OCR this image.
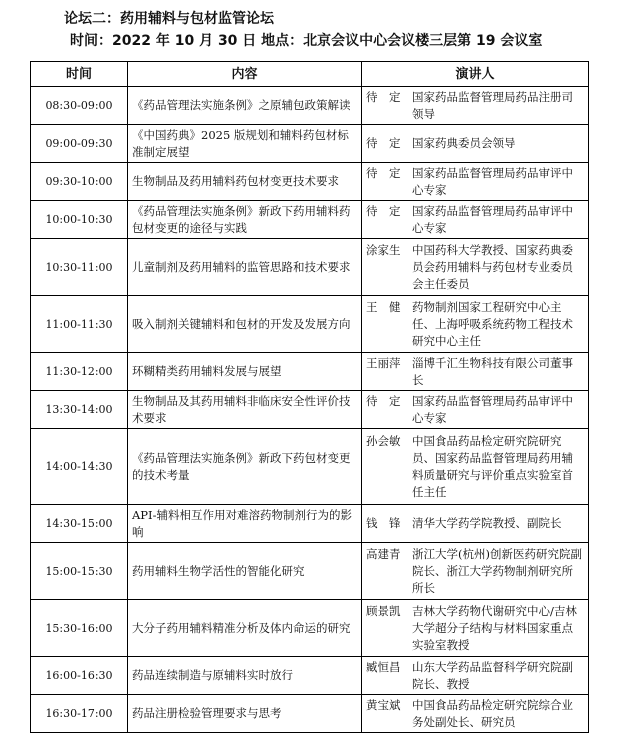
论坛二：药用辅料与包材监管论坛
时间：2022 年 10 月 30 日 地点：北京会议中心会议楼三层第 19 会议室
时间	内容	演讲人
08:30-09:00	《药品管理法实施条例》之原辅包政策解读	待　定 国家药品监督管理局药品注册司领导

09:00-09:30	《中国药典》2025 版规划和辅料药包材标准制定展望	待　定 国家药典委员会领导

09:30-10:00	生物制品及药用辅料药包材变更技术要求	待　定 国家药品监督管理局药品审评中心专家

10:00-10:30	《药品管理法实施条例》新政下药用辅料药包材变更的途径与实践	待　定 国家药品监督管理局药品审评中心专家

10:30-11:00	儿童制剂及药用辅料的监管思路和技术要求	涂家生 中国药科大学教授、国家药典委员会药用辅料与药包材专业委员会主任委员

11:00-11:30	吸入制剂关键辅料和包材的开发及发展方向	王　健 药物制剂国家工程研究中心主任、上海呼吸系统药物工程技术研究中心主任

11:30-12:00	环糊精类药用辅料发展与展望	王丽萍 淄博千汇生物科技有限公司董事长

13:30-14:00	生物制品及其药用辅料非临床安全性评价技术要求	待　定 国家药品监督管理局药品审评中心专家

14:00-14:30	《药品管理法实施条例》新政下药包材变更的技术考量	孙会敏 中国食品药品检定研究院研究员、国家药品监督管理局药用辅料质量研究与评价重点实验室首任主任

14:30-15:00	API-辅料相互作用对难溶药物制剂行为的影响	钱　锋 清华大学药学院教授、副院长

15:00-15:30	药用辅料生物学活性的智能化研究	高建青 浙江大学(杭州)创新医药研究院副院长、浙江大学药物制剂研究所所长

15:30-16:00	大分子药用辅料精准分析及体内命运的研究	顾景凯 吉林大学药物代谢研究中心/吉林大学超分子结构与材料国家重点实验室教授

16:00-16:30	药品连续制造与原辅料实时放行	臧恒昌 山东大学药品监督科学研究院副院长、教授

16:30-17:00	药品注册检验管理要求与思考	黄宝斌 中国食品药品检定研究院综合业务处副处长、研究员
